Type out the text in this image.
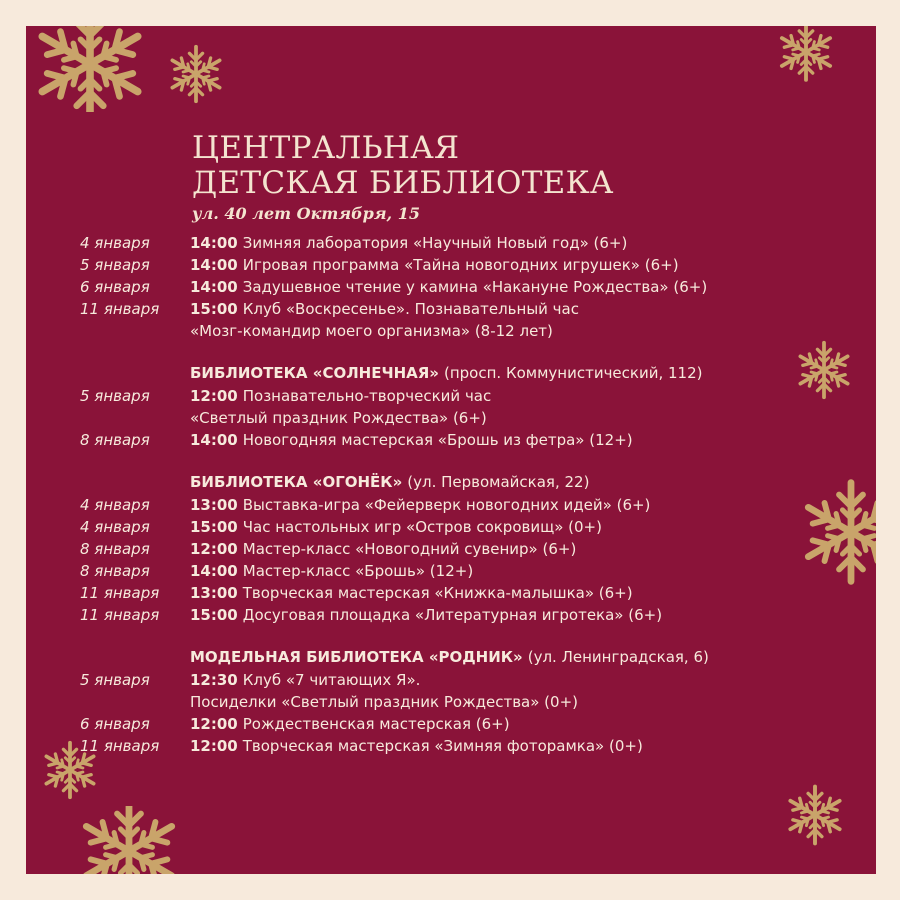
ЦЕНТРАЛЬНАЯ
ДЕТСКАЯ БИБЛИОТЕКА
ул. 40 лет Октября, 15
4 января	14:00 Зимняя лаборатория «Научный Новый год» (6+)
5 января	14:00 Игровая программа «Тайна новогодних игрушек» (6+)
6 января	14:00 Задушевное чтение у камина «Накануне Рождества» (6+)
11 января 15:00 Клуб «Воскресенье». Познавательный час
«Мозг-командир моего организма» (8-12 лет)
БИБЛИОТЕКА «СОЛНЕЧНАЯ» (просп. Коммунистический, 112)
5 января	12:00 Познавательно-творческий час
«Светлый праздник Рождества» (6+)
8 января	14:00 Новогодняя мастерская «Брошь из фетра» (12+)
БИБЛИОТЕКА «ОГОНЁК» (ул. Первомайская, 22)
4 января	13:00 Выставка-игра «Фейерверк новогодних идей» (6+)
4 января	15:00 Час настольных игр «Остров сокровищ» (0+)
8 января	12:00 Мастер-класс «Новогодний сувенир» (6+)
8 января	14:00 Мастер-класс «Брошь» (12+)
11 января 13:00 Творческая мастерская «Книжка-малышка» (6+)
11 января 15:00 Досуговая площадка «Литературная игротека» (6+)
МОДЕЛЬНАЯ БИБЛИОТЕКА «РОДНИК» (ул. Ленинградская, 6)
5 января	12:30 Клуб «7 читающих Я».
Посиделки «Светлый праздник Рождества» (0+)
6 января	12:00 Рождественская мастерская (6+)
11 января 12:00 Творческая мастерская «Зимняя фоторамка» (0+)
